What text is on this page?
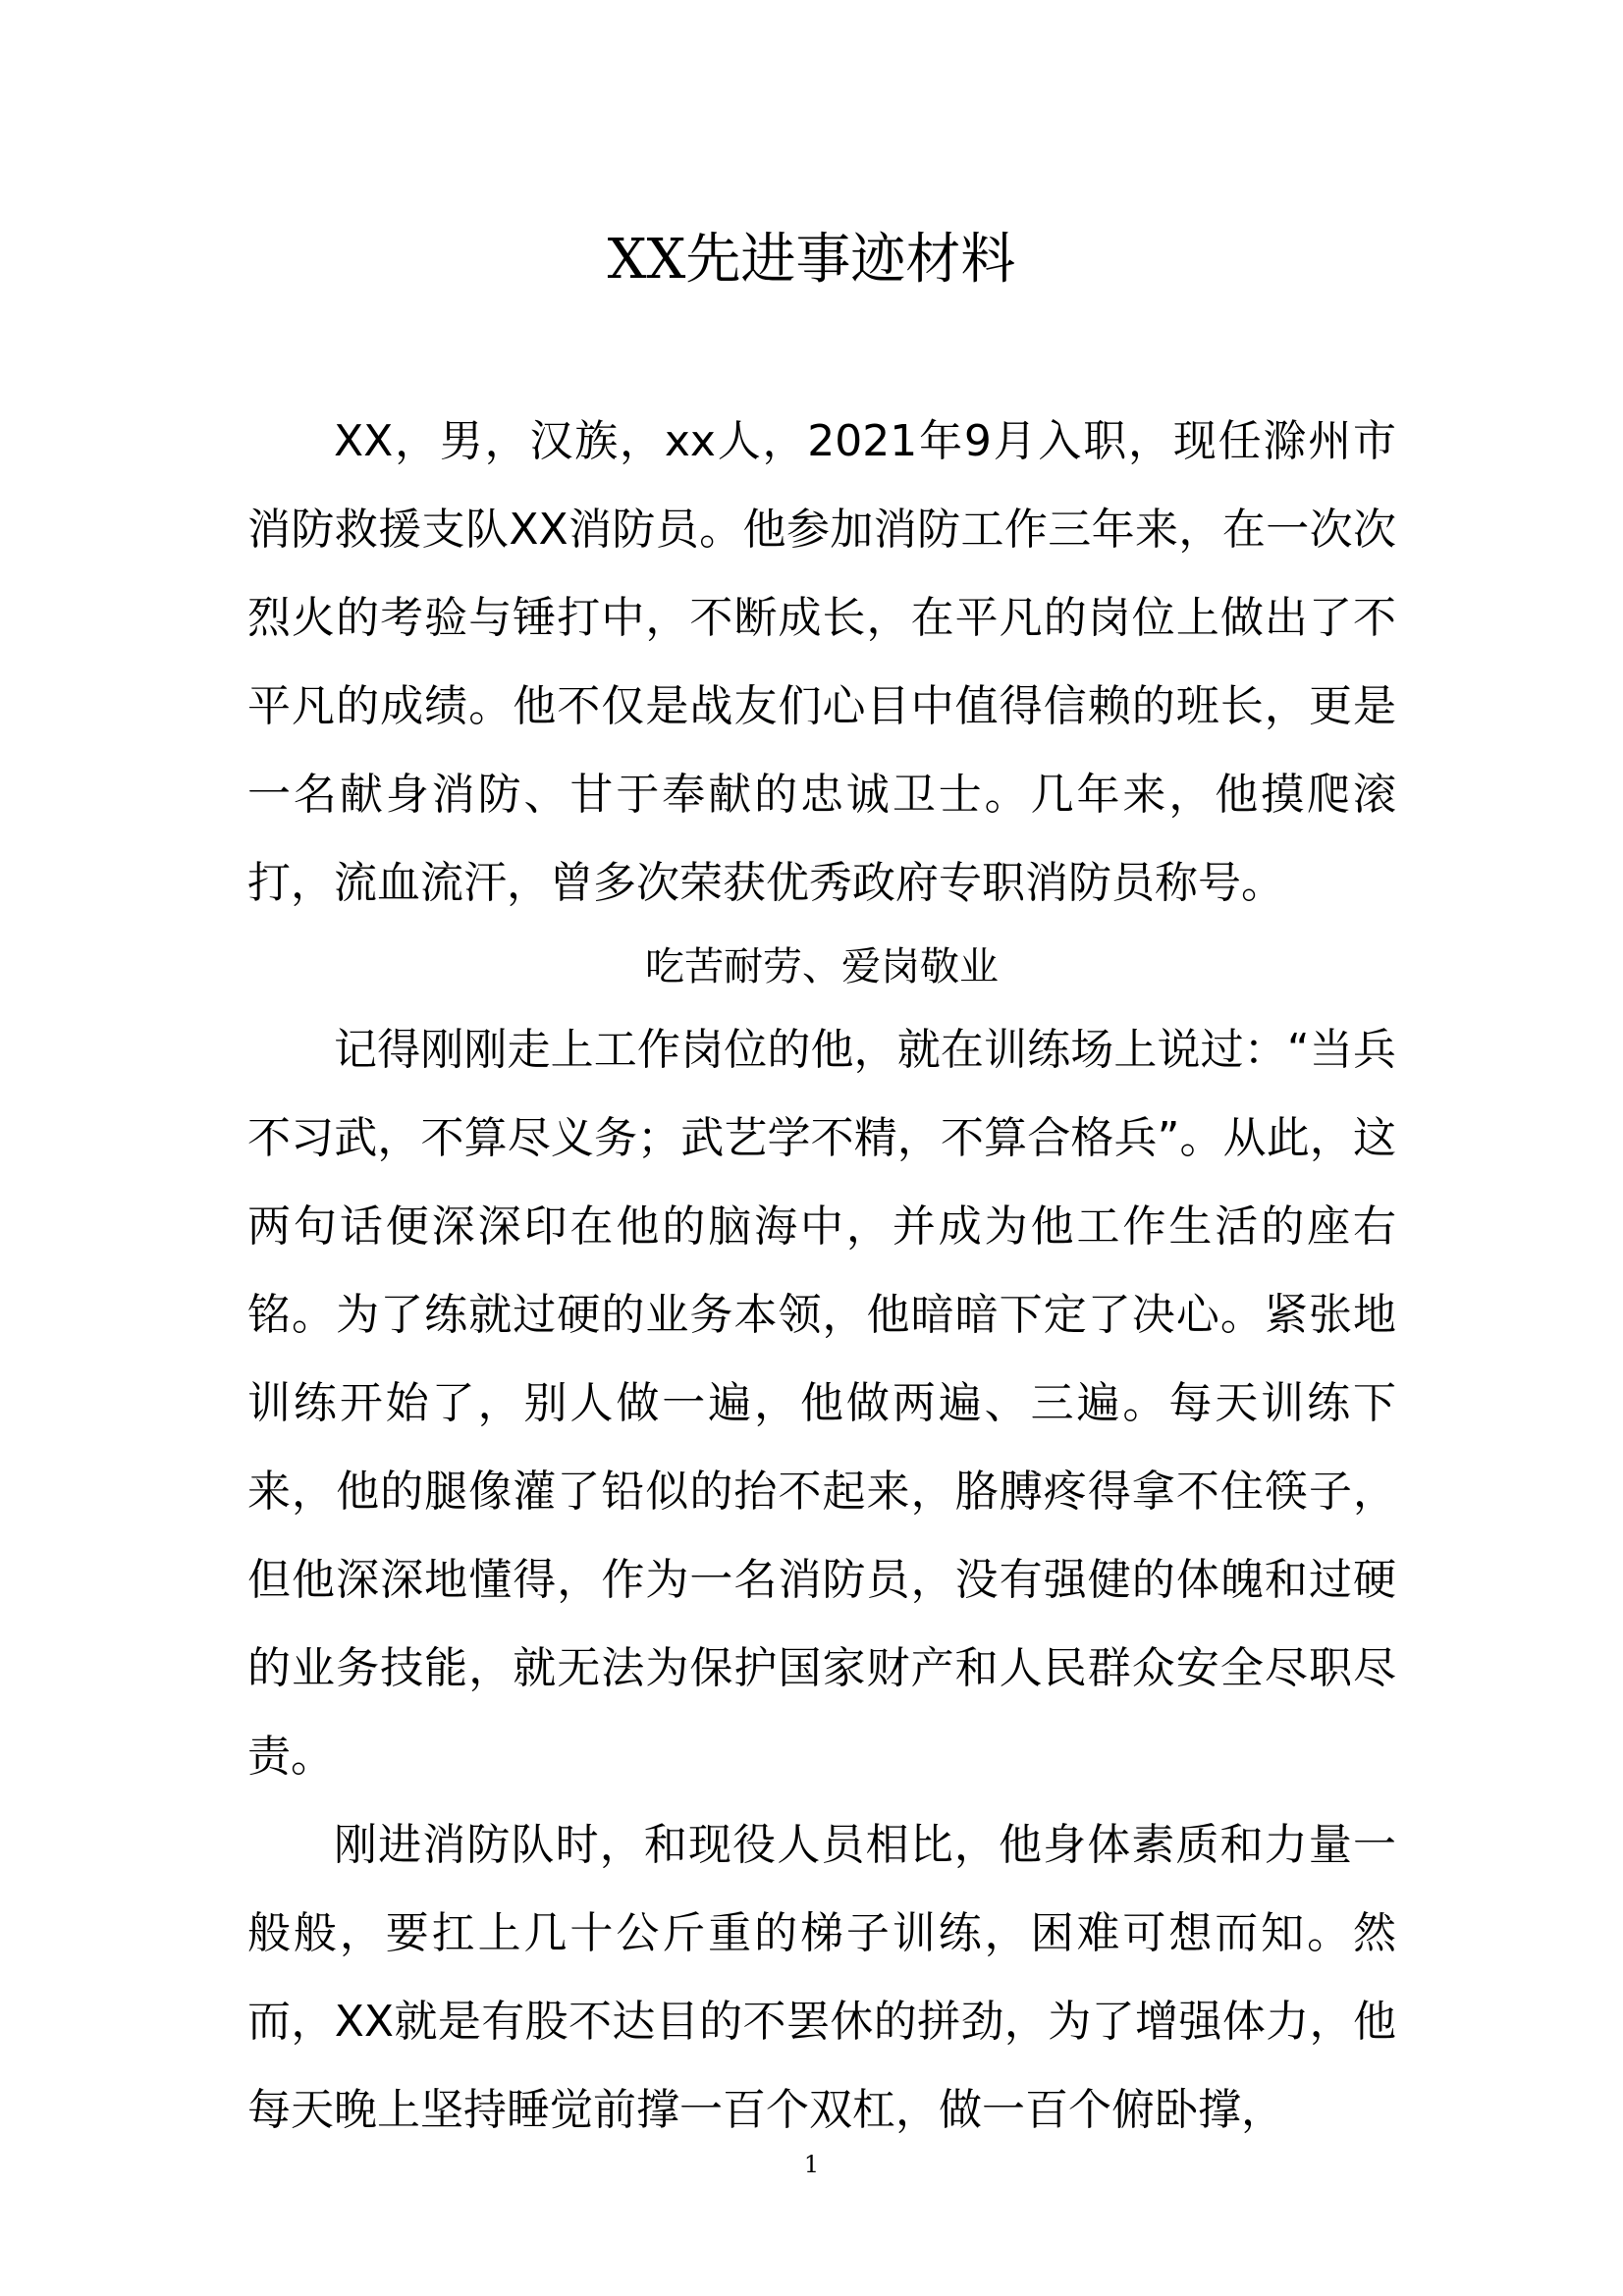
XX先进事迹材料

XX，男，汉族，xx人，2021年9月入职，现任滁州市消防救援支队XX消防员。他参加消防工作三年来，在一次次烈火的考验与锤打中，不断成长，在平凡的岗位上做出了不平凡的成绩。他不仅是战友们心目中值得信赖的班长，更是一名献身消防、甘于奉献的忠诚卫士。几年来，他摸爬滚打，流血流汗，曾多次荣获优秀政府专职消防员称号。

吃苦耐劳、爱岗敬业

记得刚刚走上工作岗位的他，就在训练场上说过：“当兵不习武，不算尽义务；武艺学不精，不算合格兵”。从此，这两句话便深深印在他的脑海中，并成为他工作生活的座右铭。为了练就过硬的业务本领，他暗暗下定了决心。紧张地训练开始了，别人做一遍，他做两遍、三遍。每天训练下来，他的腿像灌了铅似的抬不起来，胳膊疼得拿不住筷子，但他深深地懂得，作为一名消防员，没有强健的体魄和过硬的业务技能，就无法为保护国家财产和人民群众安全尽职尽责。

刚进消防队时，和现役人员相比，他身体素质和力量一般般，要扛上几十公斤重的梯子训练，困难可想而知。然而，XX就是有股不达目的不罢休的拼劲，为了增强体力，他每天晚上坚持睡觉前撑一百个双杠，做一百个俯卧撑，

1
